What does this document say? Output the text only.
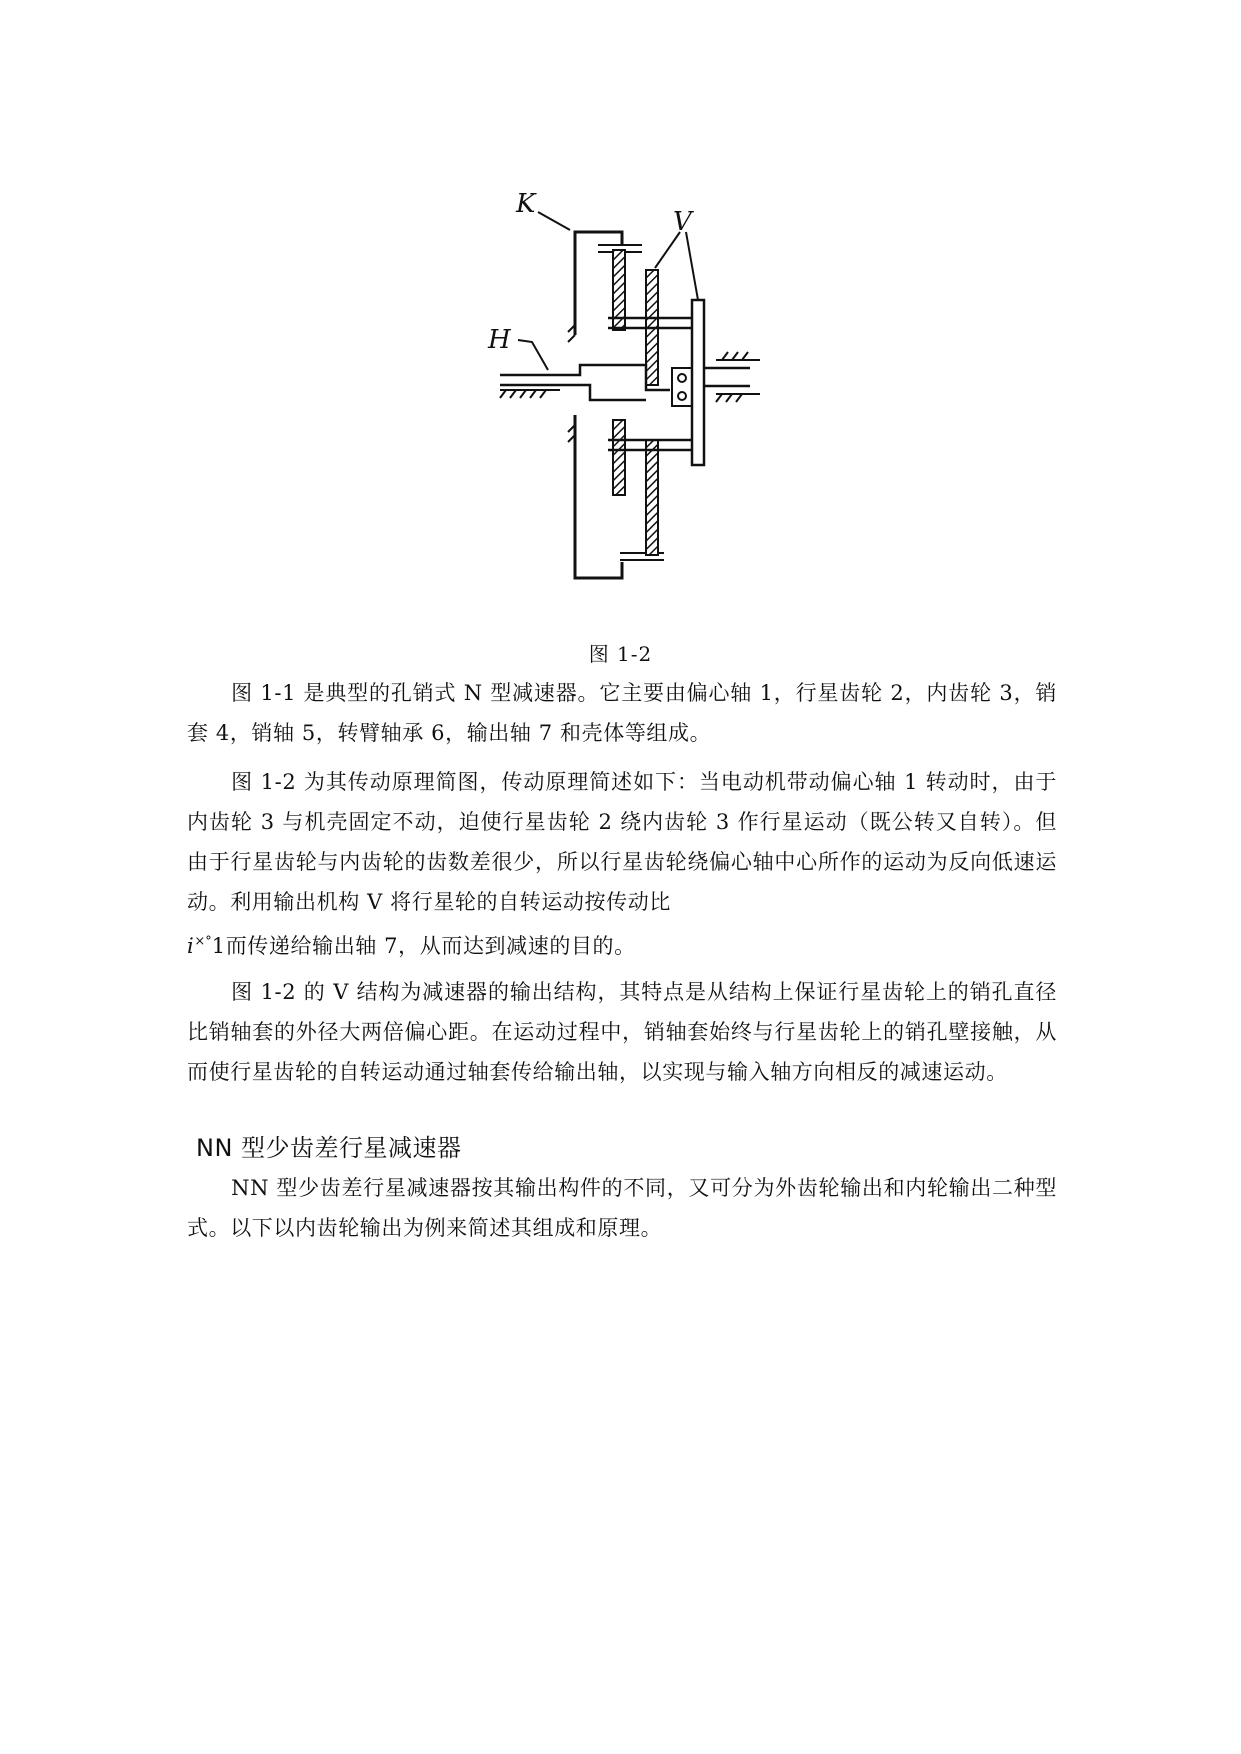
K
V
H
图 1-2

图 1-1 是典型的孔销式 N 型减速器。它主要由偏心轴 1，行星齿轮 2，内齿轮 3，销套 4，销轴 5，转臂轴承 6，输出轴 7 和壳体等组成。

图 1-2 为其传动原理简图，传动原理简述如下：当电动机带动偏心轴 1 转动时，由于内齿轮 3 与机壳固定不动，迫使行星齿轮 2 绕内齿轮 3 作行星运动（既公转又自转）。但由于行星齿轮与内齿轮的齿数差很少，所以行星齿轮绕偏心轴中心所作的运动为反向低速运动。利用输出机构 V 将行星轮的自转运动按传动比
i×°1而传递给输出轴 7，从而达到减速的目的。

图 1-2 的 V 结构为减速器的输出结构，其特点是从结构上保证行星齿轮上的销孔直径比销轴套的外径大两倍偏心距。在运动过程中，销轴套始终与行星齿轮上的销孔壁接触，从而使行星齿轮的自转运动通过轴套传给输出轴，以实现与输入轴方向相反的减速运动。

NN 型少齿差行星减速器

NN 型少齿差行星减速器按其输出构件的不同，又可分为外齿轮输出和内轮输出二种型式。以下以内齿轮输出为例来简述其组成和原理。
